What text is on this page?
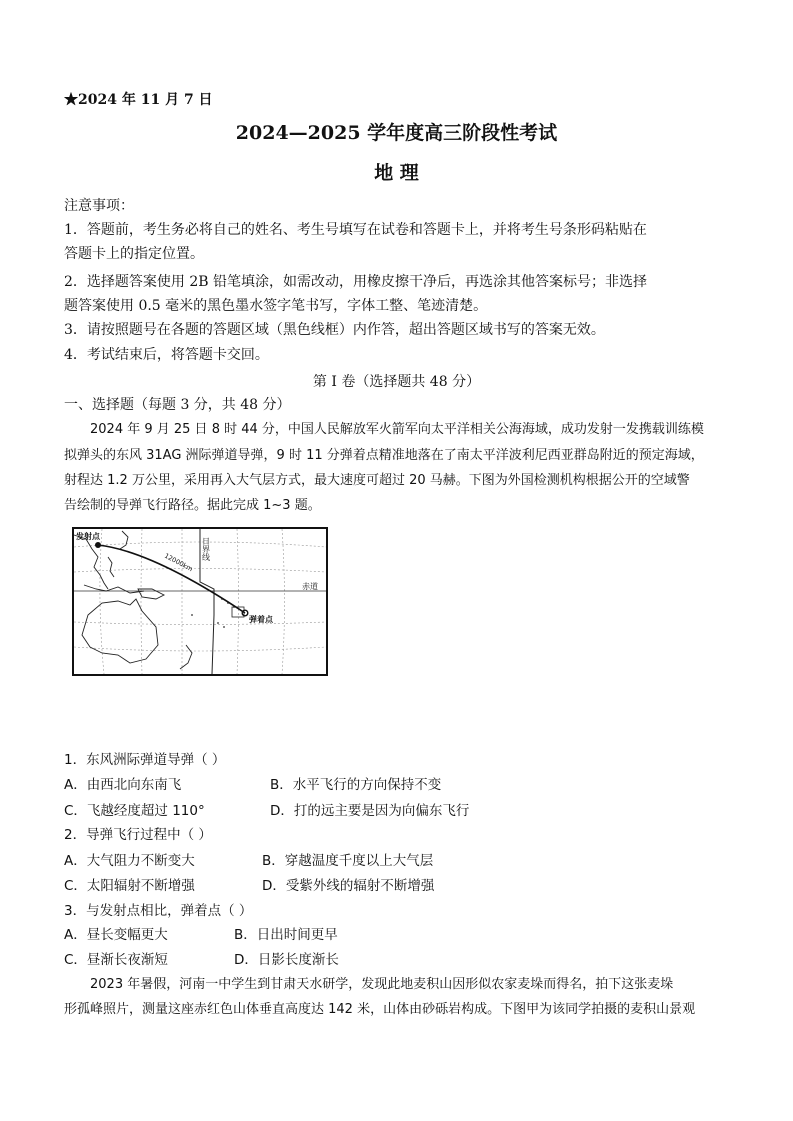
★2024 年 11 月 7 日
2024—2025 学年度高三阶段性考试
地 理
注意事项：
1．答题前，考生务必将自己的姓名、考生号填写在试卷和答题卡上，并将考生号条形码粘贴在
答题卡上的指定位置。
2．选择题答案使用 2B 铅笔填涂，如需改动，用橡皮擦干净后，再选涂其他答案标号；非选择
题答案使用 0.5 毫米的黑色墨水签字笔书写，字体工整、笔迹清楚。
3．请按照题号在各题的答题区域（黑色线框）内作答，超出答题区域书写的答案无效。
4．考试结束后，将答题卡交回。
第 Ⅰ 卷（选择题共 48 分）
一、选择题（每题 3 分，共 48 分）
2024 年 9 月 25 日 8 时 44 分，中国人民解放军火箭军向太平洋相关公海海域，成功发射一发携载训练模
拟弹头的东风 31AG 洲际弹道导弹，9 时 11 分弹着点精准地落在了南太平洋波利尼西亚群岛附近的预定海域，
射程达 1.2 万公里，采用再入大气层方式，最大速度可超过 20 马赫。下图为外国检测机构根据公开的空域警
告绘制的导弹飞行路径。据此完成 1~3 题。
发射点
弹着点
赤道
日界线
12000km
1．东风洲际弹道导弹（ ）
A．由西北向东南飞	B．水平飞行的方向保持不变
C．飞越经度超过 110°	D．打的远主要是因为向偏东飞行
2．导弹飞行过程中（ ）
A．大气阻力不断变大	B．穿越温度千度以上大气层
C．太阳辐射不断增强	D．受紫外线的辐射不断增强
3．与发射点相比，弹着点（ ）
A．昼长变幅更大	B．日出时间更早
C．昼渐长夜渐短	D．日影长度渐长
2023 年暑假，河南一中学生到甘肃天水研学，发现此地麦积山因形似农家麦垛而得名，拍下这张麦垛
形孤峰照片，测量这座赤红色山体垂直高度达 142 米，山体由砂砾岩构成。下图甲为该同学拍摄的麦积山景观
